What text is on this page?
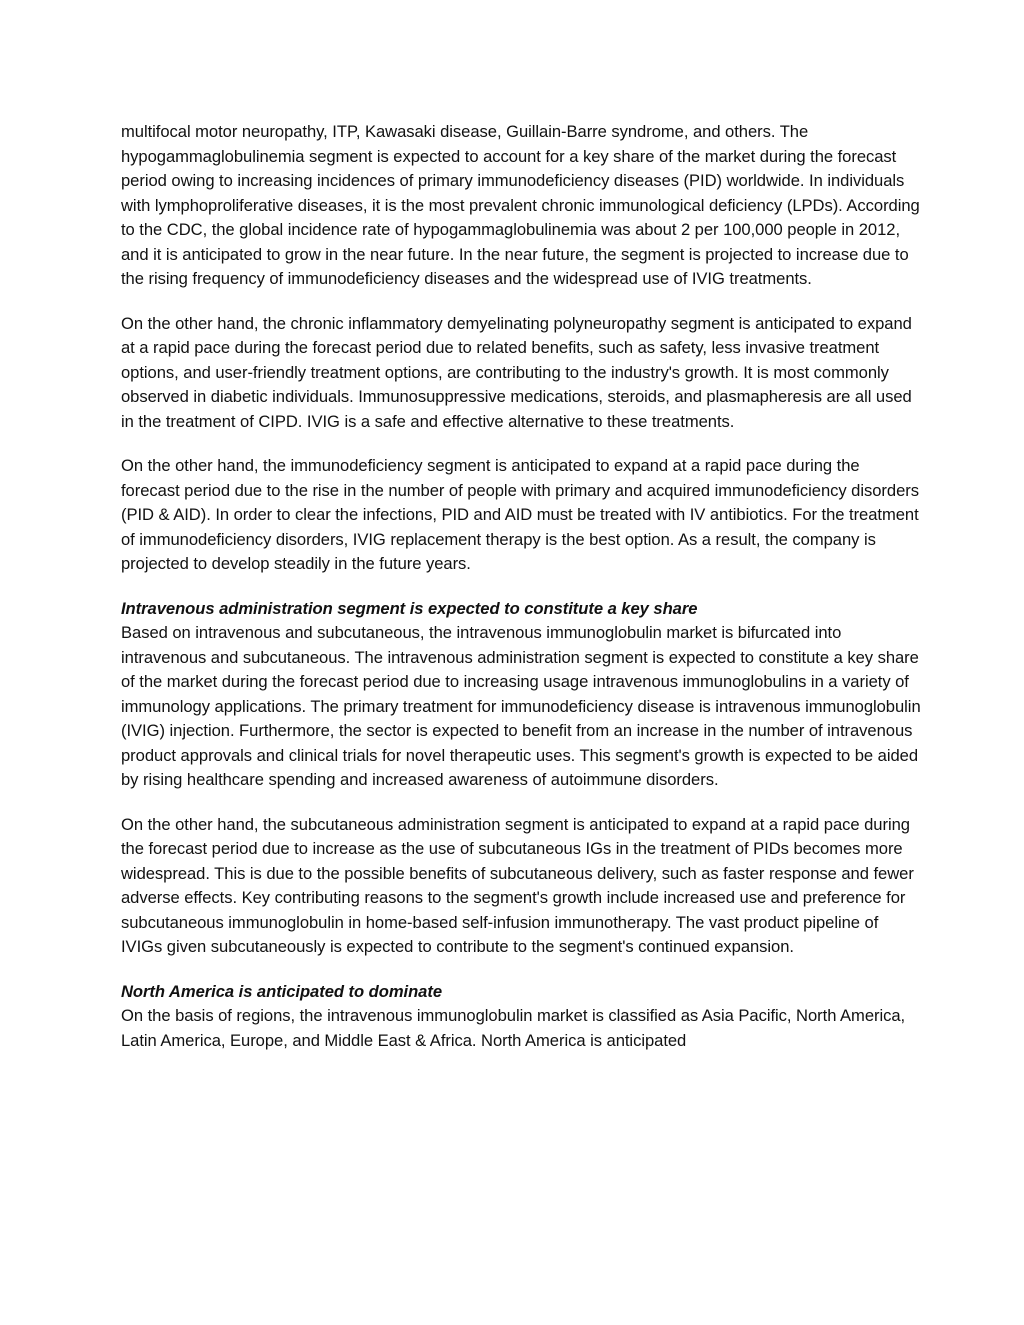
multifocal motor neuropathy, ITP, Kawasaki disease, Guillain-Barre syndrome, and others. The hypogammaglobulinemia segment is expected to account for a key share of the market during the forecast period owing to increasing incidences of primary immunodeficiency diseases (PID) worldwide. In individuals with lymphoproliferative diseases, it is the most prevalent chronic immunological deficiency (LPDs). According to the CDC, the global incidence rate of hypogammaglobulinemia was about 2 per 100,000 people in 2012, and it is anticipated to grow in the near future. In the near future, the segment is projected to increase due to the rising frequency of immunodeficiency diseases and the widespread use of IVIG treatments.

On the other hand, the chronic inflammatory demyelinating polyneuropathy segment is anticipated to expand at a rapid pace during the forecast period due to related benefits, such as safety, less invasive treatment options, and user-friendly treatment options, are contributing to the industry's growth. It is most commonly observed in diabetic individuals. Immunosuppressive medications, steroids, and plasmapheresis are all used in the treatment of CIPD. IVIG is a safe and effective alternative to these treatments.

On the other hand, the immunodeficiency segment is anticipated to expand at a rapid pace during the forecast period due to the rise in the number of people with primary and acquired immunodeficiency disorders (PID & AID). In order to clear the infections, PID and AID must be treated with IV antibiotics. For the treatment of immunodeficiency disorders, IVIG replacement therapy is the best option. As a result, the company is projected to develop steadily in the future years.

Intravenous administration segment is expected to constitute a key share

Based on intravenous and subcutaneous, the intravenous immunoglobulin market is bifurcated into intravenous and subcutaneous. The intravenous administration segment is expected to constitute a key share of the market during the forecast period due to increasing usage intravenous immunoglobulins in a variety of immunology applications. The primary treatment for immunodeficiency disease is intravenous immunoglobulin (IVIG) injection. Furthermore, the sector is expected to benefit from an increase in the number of intravenous product approvals and clinical trials for novel therapeutic uses. This segment's growth is expected to be aided by rising healthcare spending and increased awareness of autoimmune disorders.

On the other hand, the subcutaneous administration segment is anticipated to expand at a rapid pace during the forecast period due to increase as the use of subcutaneous IGs in the treatment of PIDs becomes more widespread. This is due to the possible benefits of subcutaneous delivery, such as faster response and fewer adverse effects. Key contributing reasons to the segment's growth include increased use and preference for subcutaneous immunoglobulin in home-based self-infusion immunotherapy. The vast product pipeline of IVIGs given subcutaneously is expected to contribute to the segment's continued expansion.

North America is anticipated to dominate

On the basis of regions, the intravenous immunoglobulin market is classified as Asia Pacific, North America, Latin America, Europe, and Middle East & Africa. North America is anticipated
